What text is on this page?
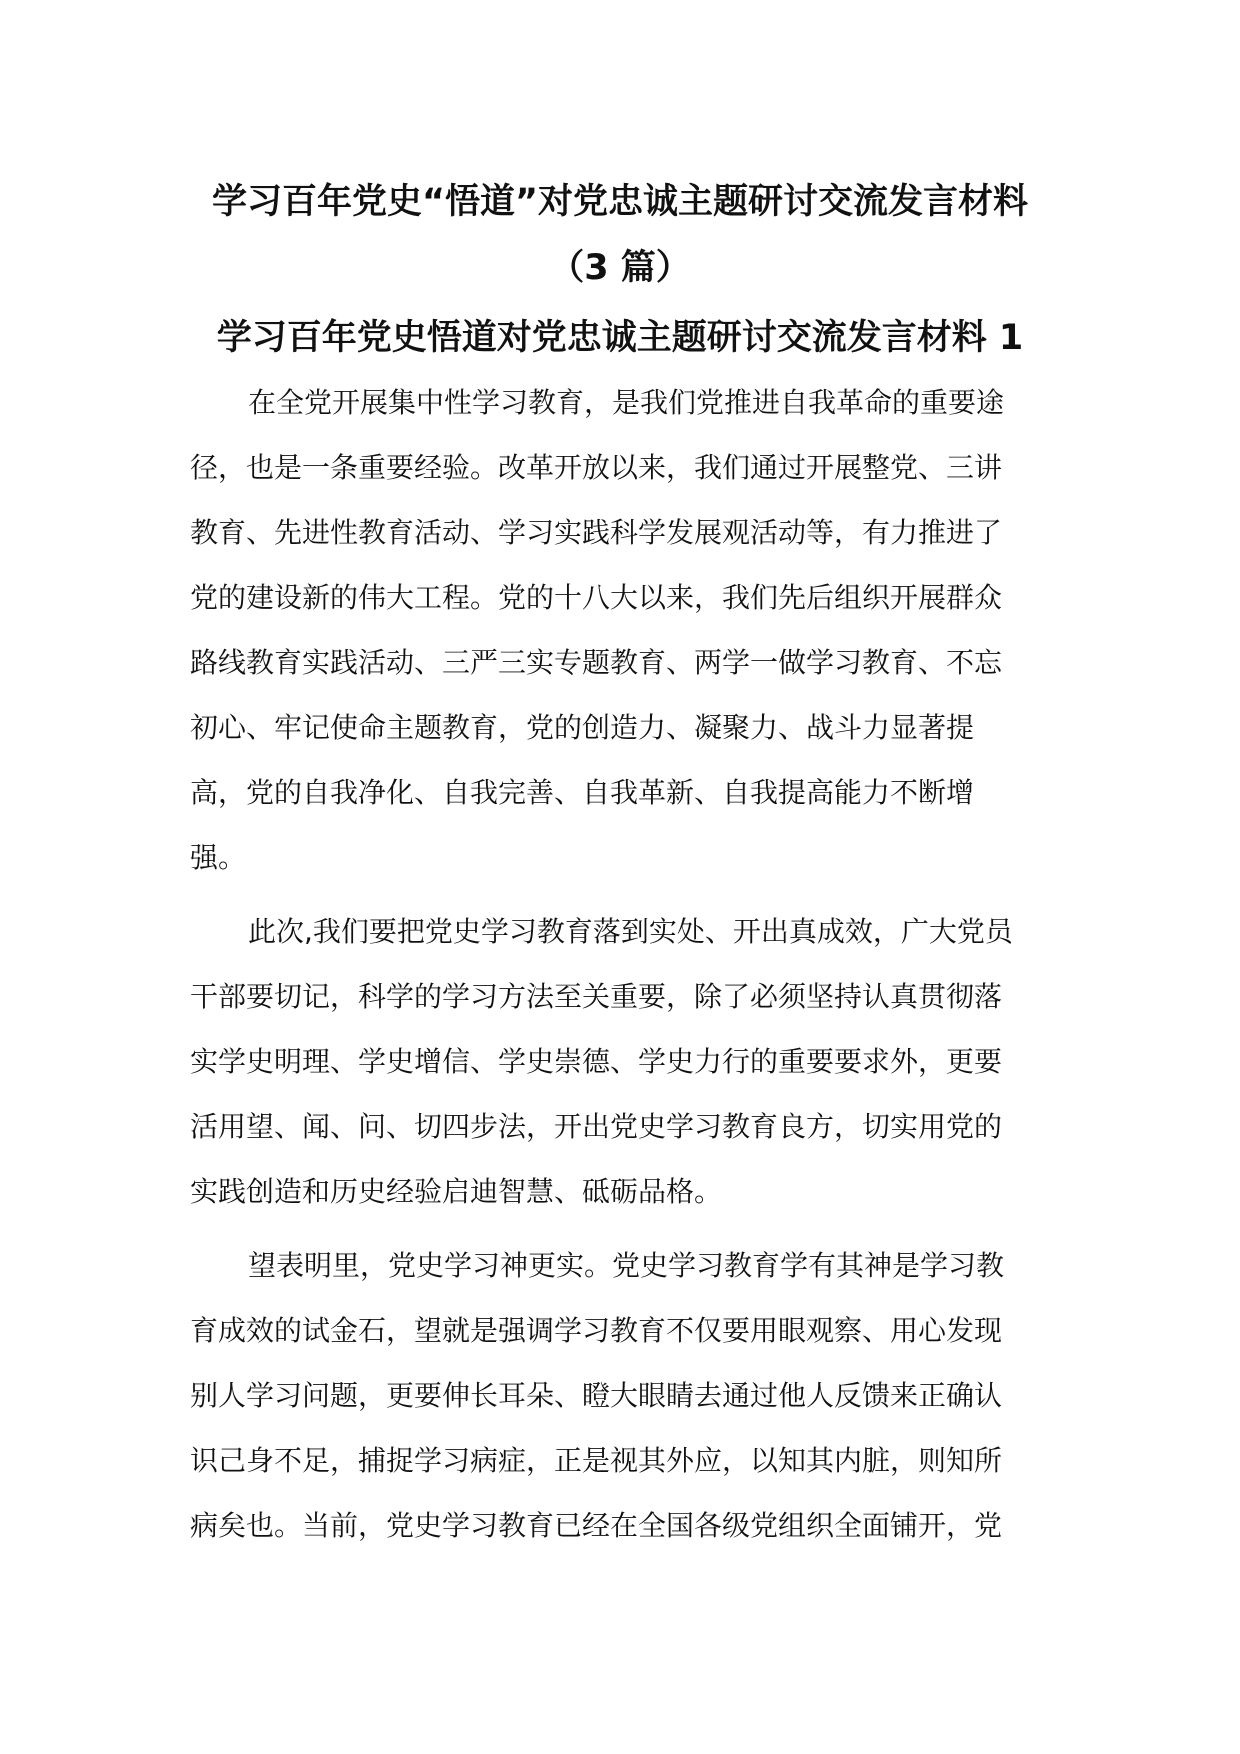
学习百年党史“悟道”对党忠诚主题研讨交流发言材料
（3 篇）
学习百年党史悟道对党忠诚主题研讨交流发言材料 1
在全党开展集中性学习教育，是我们党推进自我革命的重要途
径，也是一条重要经验。改革开放以来，我们通过开展整党、三讲
教育、先进性教育活动、学习实践科学发展观活动等，有力推进了
党的建设新的伟大工程。党的十八大以来，我们先后组织开展群众
路线教育实践活动、三严三实专题教育、两学一做学习教育、不忘
初心、牢记使命主题教育，党的创造力、凝聚力、战斗力显著提
高，党的自我净化、自我完善、自我革新、自我提高能力不断增
强。
此次,我们要把党史学习教育落到实处、开出真成效，广大党员
干部要切记，科学的学习方法至关重要，除了必须坚持认真贯彻落
实学史明理、学史增信、学史崇德、学史力行的重要要求外，更要
活用望、闻、问、切四步法，开出党史学习教育良方，切实用党的
实践创造和历史经验启迪智慧、砥砺品格。
望表明里，党史学习神更实。党史学习教育学有其神是学习教
育成效的试金石，望就是强调学习教育不仅要用眼观察、用心发现
别人学习问题，更要伸长耳朵、瞪大眼睛去通过他人反馈来正确认
识己身不足，捕捉学习病症，正是视其外应，以知其内脏，则知所
病矣也。当前，党史学习教育已经在全国各级党组织全面铺开，党
